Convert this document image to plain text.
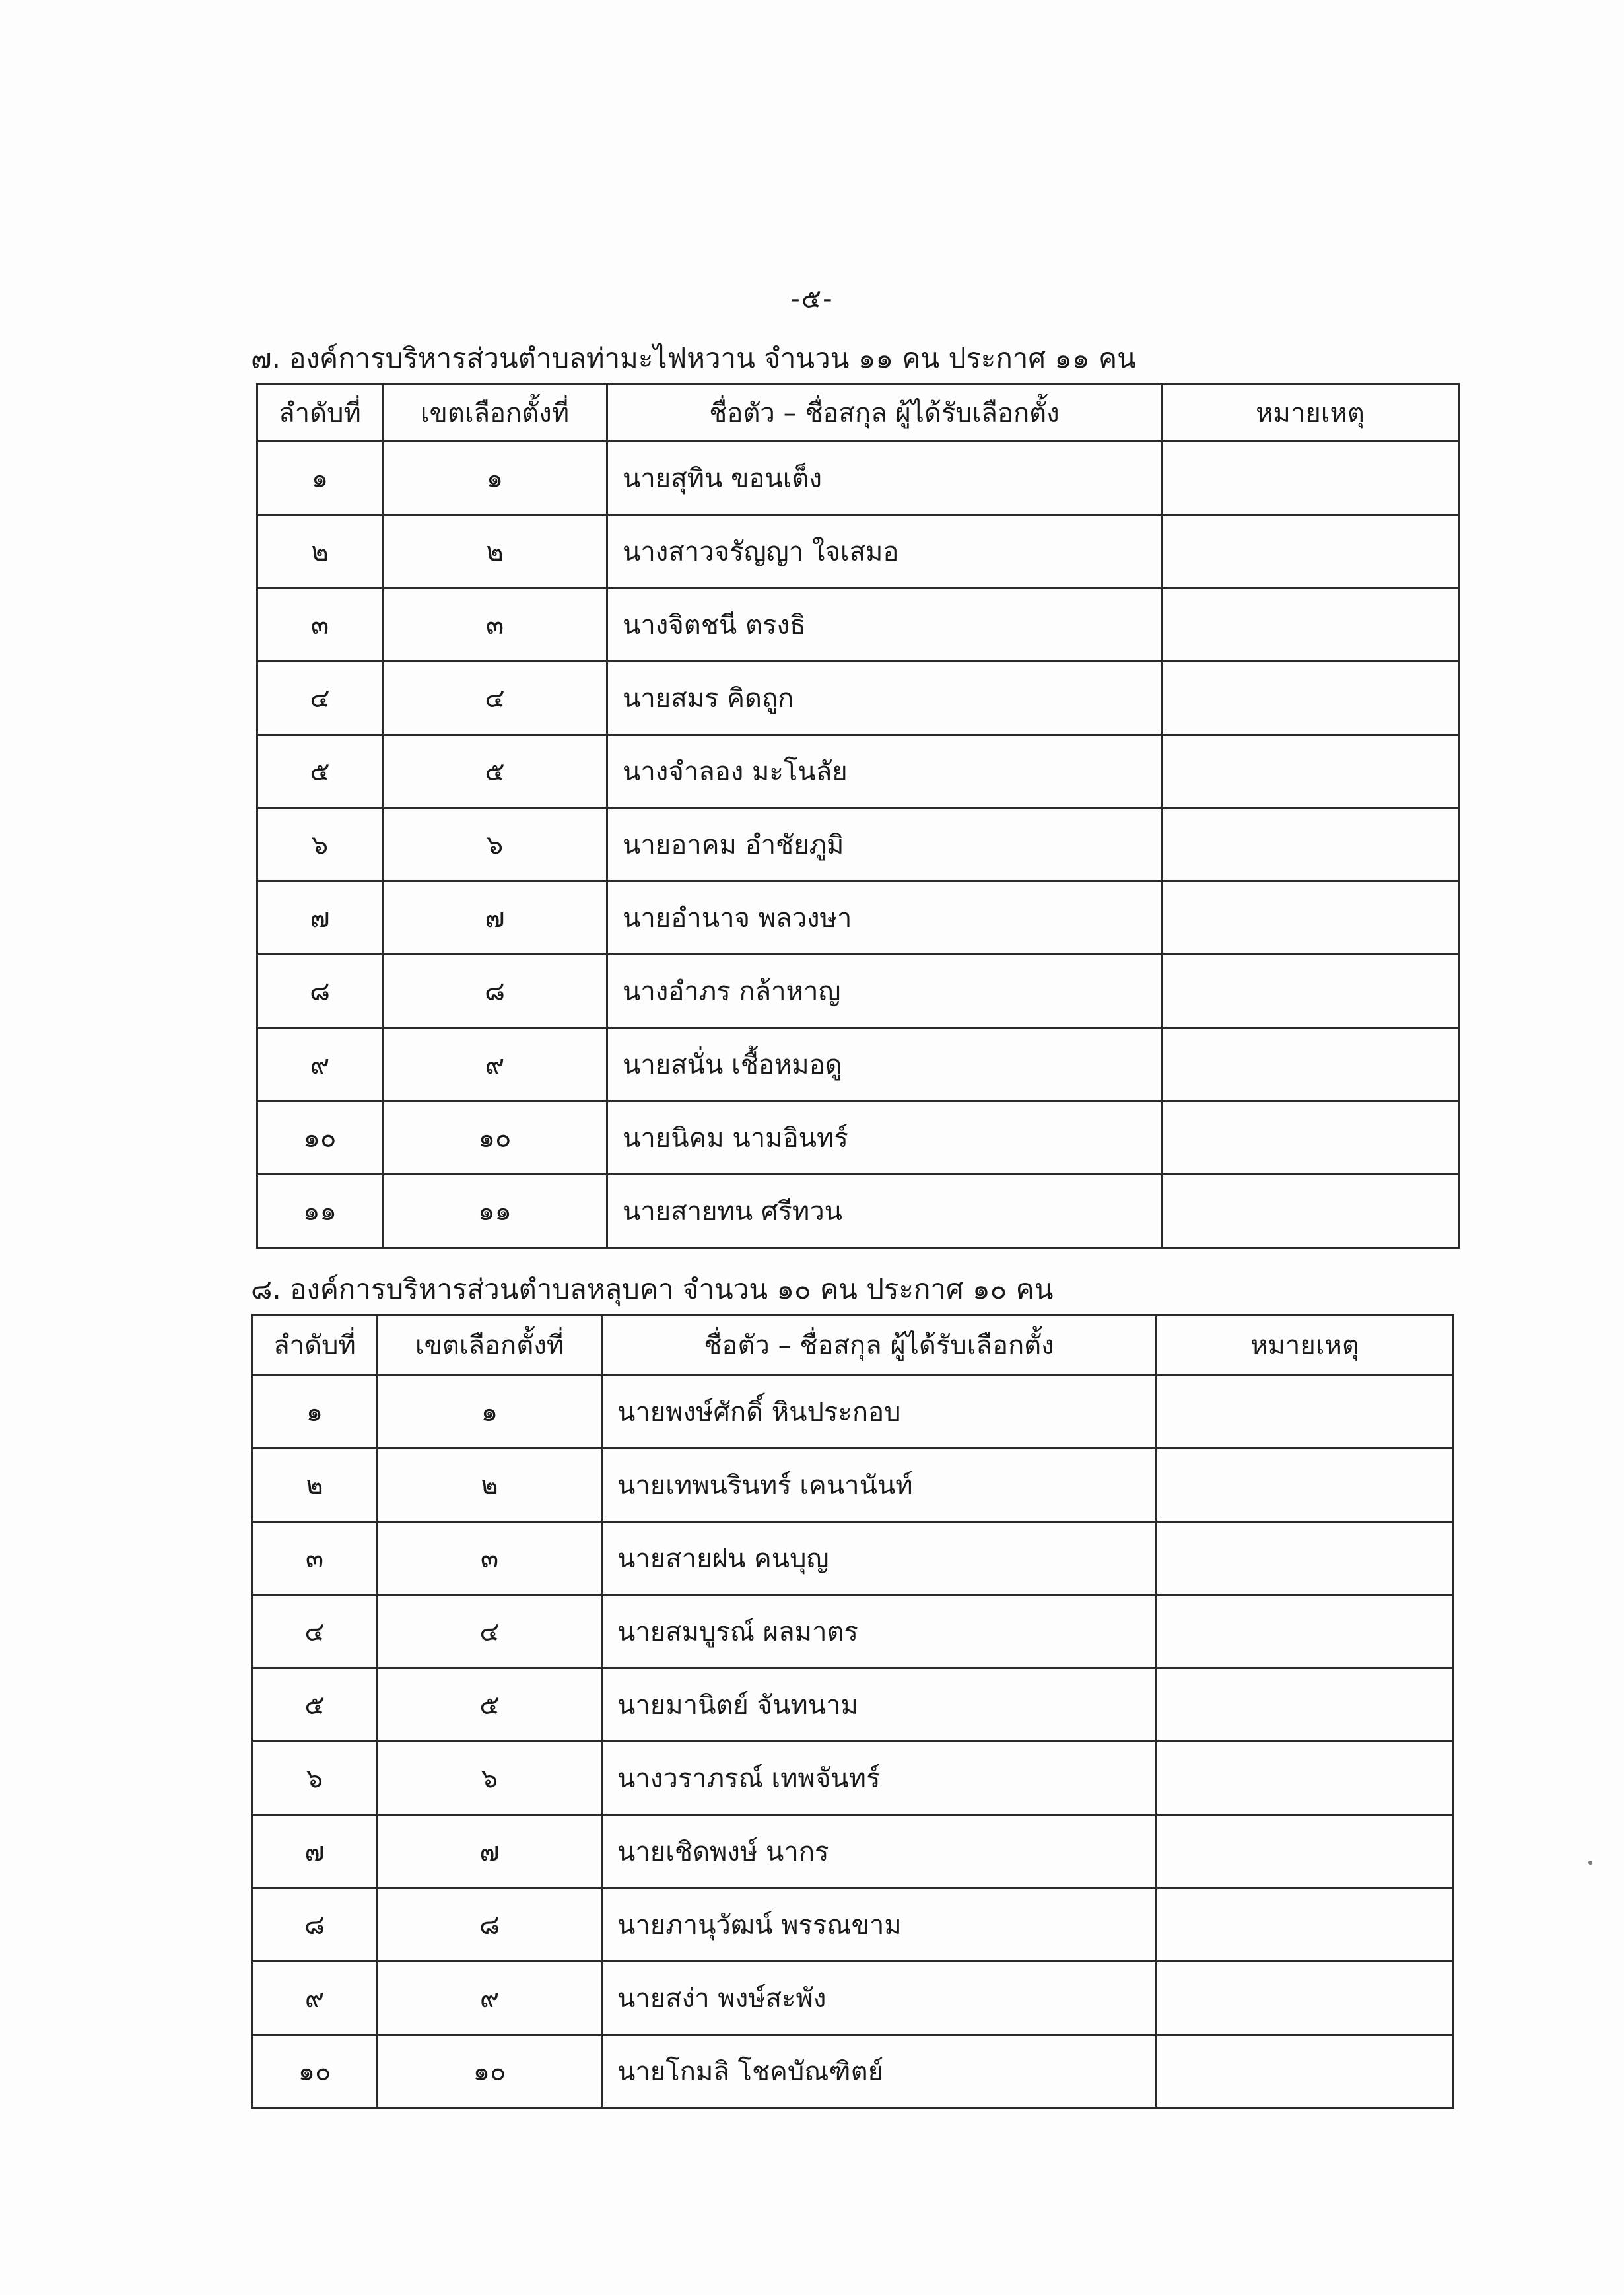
-๕-
๗. องค์การบริหารส่วนตำบลท่ามะไฟหวาน จำนวน ๑๑ คน ประกาศ ๑๑ คน
ลำดับที่	เขตเลือกตั้งที่	ชื่อตัว – ชื่อสกุล ผู้ได้รับเลือกตั้ง	หมายเหตุ
๑	๑	นายสุทิน ขอนเต็ง	
๒	๒	นางสาวจรัญญา ใจเสมอ	
๓	๓	นางจิตชนี ตรงธิ	
๔	๔	นายสมร คิดถูก	
๕	๕	นางจำลอง มะโนลัย	
๖	๖	นายอาคม อำชัยภูมิ	
๗	๗	นายอำนาจ พลวงษา	
๘	๘	นางอำภร กล้าหาญ	
๙	๙	นายสนั่น เชื้อหมอดู	
๑๐	๑๐	นายนิคม นามอินทร์	
๑๑	๑๑	นายสายทน ศรีทวน	
๘. องค์การบริหารส่วนตำบลหลุบคา จำนวน ๑๐ คน ประกาศ ๑๐ คน
ลำดับที่	เขตเลือกตั้งที่	ชื่อตัว – ชื่อสกุล ผู้ได้รับเลือกตั้ง	หมายเหตุ
๑	๑	นายพงษ์ศักดิ์ หินประกอบ	
๒	๒	นายเทพนรินทร์ เคนานันท์	
๓	๓	นายสายฝน คนบุญ	
๔	๔	นายสมบูรณ์ ผลมาตร	
๕	๕	นายมานิตย์ จันทนาม	
๖	๖	นางวราภรณ์ เทพจันทร์	
๗	๗	นายเชิดพงษ์ นากร	
๘	๘	นายภานุวัฒน์ พรรณขาม	
๙	๙	นายสง่า พงษ์สะพัง	
๑๐	๑๐	นายโกมลิ โชคบัณฑิตย์	
